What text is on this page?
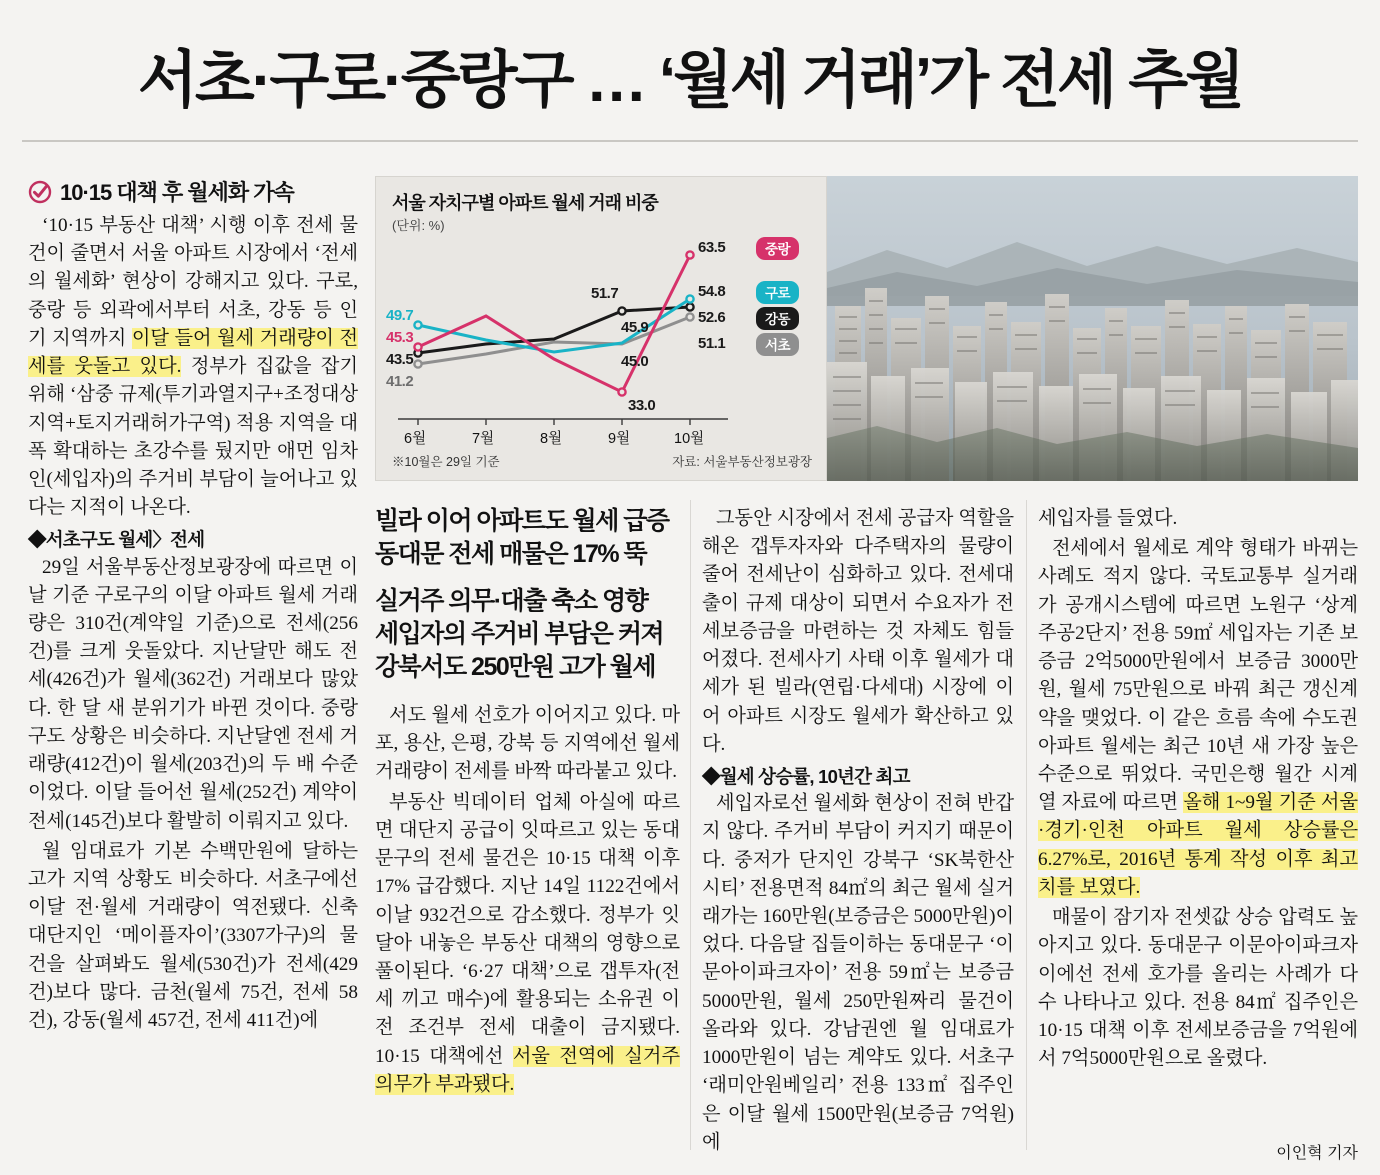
서초·구로·중랑구 … ‘월세 거래’가 전세 추월
10·15 대책 후 월세화 가속

‘10·15 부동산 대책’ 시행 이후 전세 물건이 줄면서 서울 아파트 시장에서 ‘전세의 월세화’ 현상이 강해지고 있다. 구로, 중랑 등 외곽에서부터 서초, 강동 등 인기 지역까지 이달 들어 월세 거래량이 전세를 웃돌고 있다. 정부가 집값을 잡기 위해 ‘삼중 규제(투기과열지구+조정대상지역+토지거래허가구역) 적용 지역을 대폭 확대하는 초강수를 뒀지만 애먼 임차인(세입자)의 주거비 부담이 늘어나고 있다는 지적이 나온다.

◆서초구도 월세〉전세

29일 서울부동산정보광장에 따르면 이날 기준 구로구의 이달 아파트 월세 거래량은 310건(계약일 기준)으로 전세(256건)를 크게 웃돌았다. 지난달만 해도 전세(426건)가 월세(362건) 거래보다 많았다. 한 달 새 분위기가 바뀐 것이다. 중랑구도 상황은 비슷하다. 지난달엔 전세 거래량(412건)이 월세(203건)의 두 배 수준이었다. 이달 들어선 월세(252건) 계약이 전세(145건)보다 활발히 이뤄지고 있다.

월 임대료가 기본 수백만원에 달하는 고가 지역 상황도 비슷하다. 서초구에선 이달 전·월세 거래량이 역전됐다. 신축 대단지인 ‘메이플자이’(3307가구)의 물건을 살펴봐도 월세(530건)가 전세(429건)보다 많다. 금천(월세 75건, 전세 58건), 강동(월세 457건, 전세 411건)에

서울 자치구별 아파트 월세 거래 비중
(단위: %)
49.7
45.3
43.5
41.2
51.7
45.9
45.0
33.0
63.5
54.8
52.6
51.1
중랑
구로
강동
서초
6월	7월	8월	9월	10월
※10월은 29일 기준	자료: 서울부동산정보광장
빌라 이어 아파트도 월세 급증
동대문 전세 매물은 17% 뚝
실거주 의무·대출 축소 영향
세입자의 주거비 부담은 커져
강북서도 250만원 고가 월세

서도 월세 선호가 이어지고 있다. 마포, 용산, 은평, 강북 등 지역에선 월세 거래량이 전세를 바짝 따라붙고 있다.

부동산 빅데이터 업체 아실에 따르면 대단지 공급이 잇따르고 있는 동대문구의 전세 물건은 10·15 대책 이후 17% 급감했다. 지난 14일 1122건에서 이날 932건으로 감소했다. 정부가 잇달아 내놓은 부동산 대책의 영향으로 풀이된다. ‘6·27 대책’으로 갭투자(전세 끼고 매수)에 활용되는 소유권 이전 조건부 전세 대출이 금지됐다. 10·15 대책에선 서울 전역에 실거주 의무가 부과됐다.

그동안 시장에서 전세 공급자 역할을 해온 갭투자자와 다주택자의 물량이 줄어 전세난이 심화하고 있다. 전세대출이 규제 대상이 되면서 수요자가 전세보증금을 마련하는 것 자체도 힘들어졌다. 전세사기 사태 이후 월세가 대세가 된 빌라(연립·다세대) 시장에 이어 아파트 시장도 월세가 확산하고 있다.

◆월세 상승률, 10년간 최고

세입자로선 월세화 현상이 전혀 반갑지 않다. 주거비 부담이 커지기 때문이다. 중저가 단지인 강북구 ‘SK북한산시티’ 전용면적 84㎡의 최근 월세 실거래가는 160만원(보증금은 5000만원)이었다. 다음달 집들이하는 동대문구 ‘이문아이파크자이’ 전용 59㎡는 보증금 5000만원, 월세 250만원짜리 물건이 올라와 있다. 강남권엔 월 임대료가 1000만원이 넘는 계약도 있다. 서초구 ‘래미안원베일리’ 전용 133㎡ 집주인은 이달 월세 1500만원(보증금 7억원)에

세입자를 들였다.

전세에서 월세로 계약 형태가 바뀌는 사례도 적지 않다. 국토교통부 실거래가 공개시스템에 따르면 노원구 ‘상계주공2단지’ 전용 59㎡ 세입자는 기존 보증금 2억5000만원에서 보증금 3000만원, 월세 75만원으로 바꿔 최근 갱신계약을 맺었다. 이 같은 흐름 속에 수도권 아파트 월세는 최근 10년 새 가장 높은 수준으로 뛰었다. 국민은행 월간 시계열 자료에 따르면 올해 1~9월 기준 서울·경기·인천 아파트 월세 상승률은 6.27%로, 2016년 통계 작성 이후 최고치를 보였다.

매물이 잠기자 전셋값 상승 압력도 높아지고 있다. 동대문구 이문아이파크자이에선 전세 호가를 올리는 사례가 다수 나타나고 있다. 전용 84㎡ 집주인은 10·15 대책 이후 전세보증금을 7억원에서 7억5000만원으로 올렸다.

이인혁 기자
